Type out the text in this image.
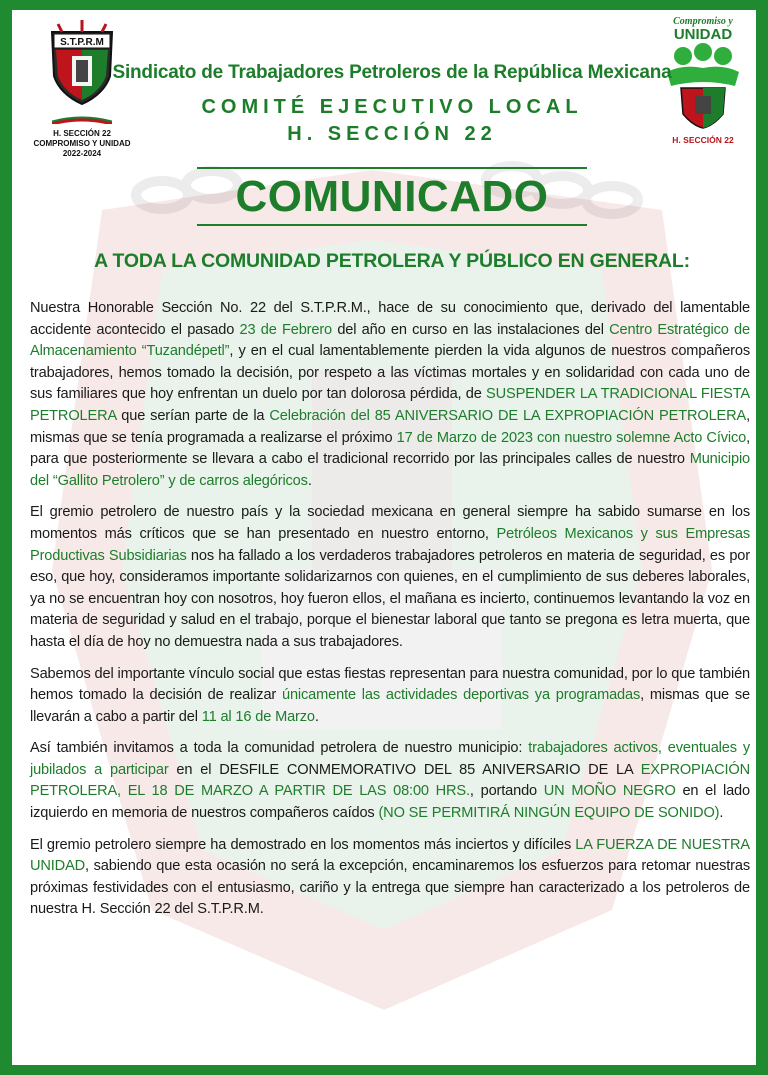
S.T.P.R.M

H. SECCIÓN 22
COMPROMISO Y UNIDAD
2022-2024
Compromiso y
UNIDAD
H. SECCIÓN 22
Sindicato de Trabajadores Petroleros de la República Mexicana
COMITÉ EJECUTIVO LOCAL
H. SECCIÓN 22
COMUNICADO
A TODA LA COMUNIDAD PETROLERA Y PÚBLICO EN GENERAL:

Nuestra Honorable Sección No. 22 del S.T.P.R.M., hace de su conocimiento que, derivado del lamentable accidente acontecido el pasado 23 de Febrero del año en curso en las instalaciones del Centro Estratégico de Almacenamiento “Tuzandépetl”, y en el cual lamentablemente pierden la vida algunos de nuestros compañeros trabajadores, hemos tomado la decisión, por respeto a las víctimas mortales y en solidaridad con cada uno de sus familiares que hoy enfrentan un duelo por tan dolorosa pérdida, de SUSPENDER LA TRADICIONAL FIESTA PETROLERA que serían parte de la Celebración del 85 ANIVERSARIO DE LA EXPROPIACIÓN PETROLERA, mismas que se tenía programada a realizarse el próximo 17 de Marzo de 2023 con nuestro solemne Acto Cívico, para que posteriormente se llevara a cabo el tradicional recorrido por las principales calles de nuestro Municipio del “Gallito Petrolero” y de carros alegóricos.

El gremio petrolero de nuestro país y la sociedad mexicana en general siempre ha sabido sumarse en los momentos más críticos que se han presentado en nuestro entorno, Petróleos Mexicanos y sus Empresas Productivas Subsidiarias nos ha fallado a los verdaderos trabajadores petroleros en materia de seguridad, es por eso, que hoy, consideramos importante solidarizarnos con quienes, en el cumplimiento de sus deberes laborales, ya no se encuentran hoy con nosotros, hoy fueron ellos, el mañana es incierto, continuemos levantando la voz en materia de seguridad y salud en el trabajo, porque el bienestar laboral que tanto se pregona es letra muerta, que hasta el día de hoy no demuestra nada a sus trabajadores.

Sabemos del importante vínculo social que estas fiestas representan para nuestra comunidad, por lo que también hemos tomado la decisión de realizar únicamente las actividades deportivas ya programadas, mismas que se llevarán a cabo a partir del 11 al 16 de Marzo.

Así también invitamos a toda la comunidad petrolera de nuestro municipio: trabajadores activos, eventuales y jubilados a participar en el DESFILE CONMEMORATIVO DEL 85 ANIVERSARIO DE LA EXPROPIACIÓN PETROLERA, EL 18 DE MARZO A PARTIR DE LAS 08:00 HRS., portando UN MOÑO NEGRO en el lado izquierdo en memoria de nuestros compañeros caídos (NO SE PERMITIRÁ NINGÚN EQUIPO DE SONIDO).

El gremio petrolero siempre ha demostrado en los momentos más inciertos y difíciles LA FUERZA DE NUESTRA UNIDAD, sabiendo que esta ocasión no será la excepción, encaminaremos los esfuerzos para retomar nuestras próximas festividades con el entusiasmo, cariño y la entrega que siempre han caracterizado a los petroleros de nuestra H. Sección 22 del S.T.P.R.M.
